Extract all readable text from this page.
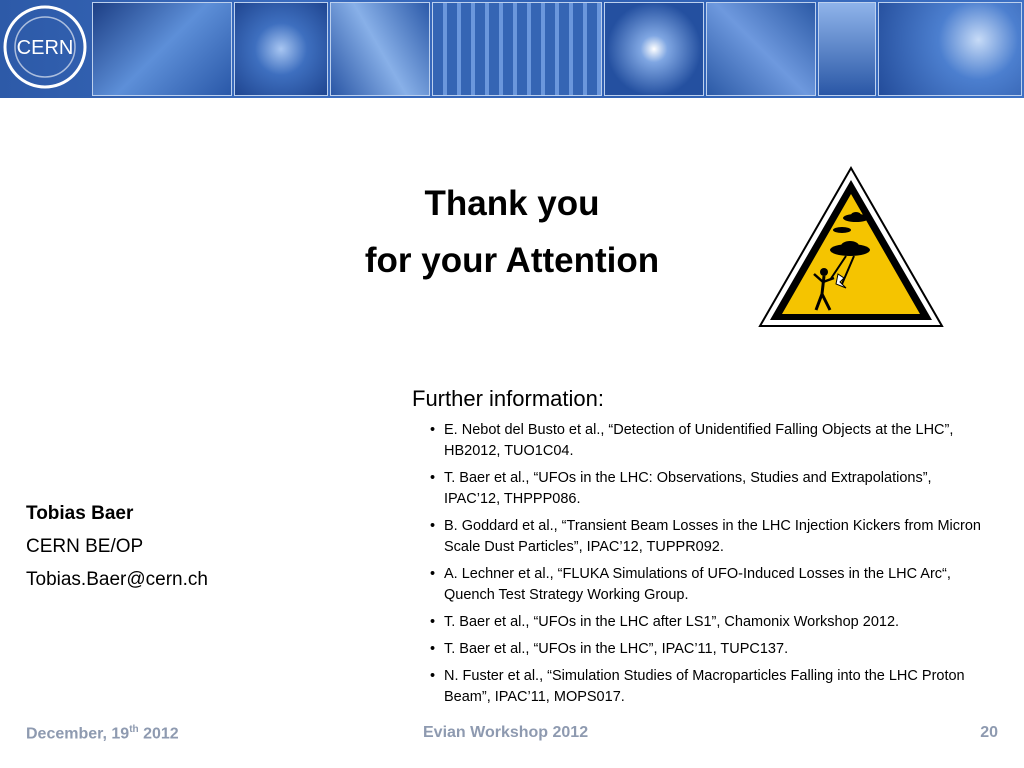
CERN
Thank you
for your Attention
Further information:
• E. Nebot del Busto et al., “Detection of Unidentified Falling Objects at the LHC”, HB2012, TUO1C04.
• T. Baer et al., “UFOs in the LHC: Observations, Studies and Extrapolations”, IPAC’12, THPPP086.
• B. Goddard et al., “Transient Beam Losses in the LHC Injection Kickers from Micron Scale Dust Particles”, IPAC’12, TUPPR092.
• A. Lechner et al., “FLUKA Simulations of UFO-Induced Losses in the LHC Arc“, Quench Test Strategy Working Group.
• T. Baer et al., “UFOs in the LHC after LS1”, Chamonix Workshop 2012.
• T. Baer et al., “UFOs in the LHC”, IPAC’11, TUPC137.
• N. Fuster et al., “Simulation Studies of Macroparticles Falling into the LHC Proton Beam”, IPAC’11, MOPS017.
Tobias Baer
CERN BE/OP
Tobias.Baer@cern.ch
December, 19th 2012	Evian Workshop 2012	20
